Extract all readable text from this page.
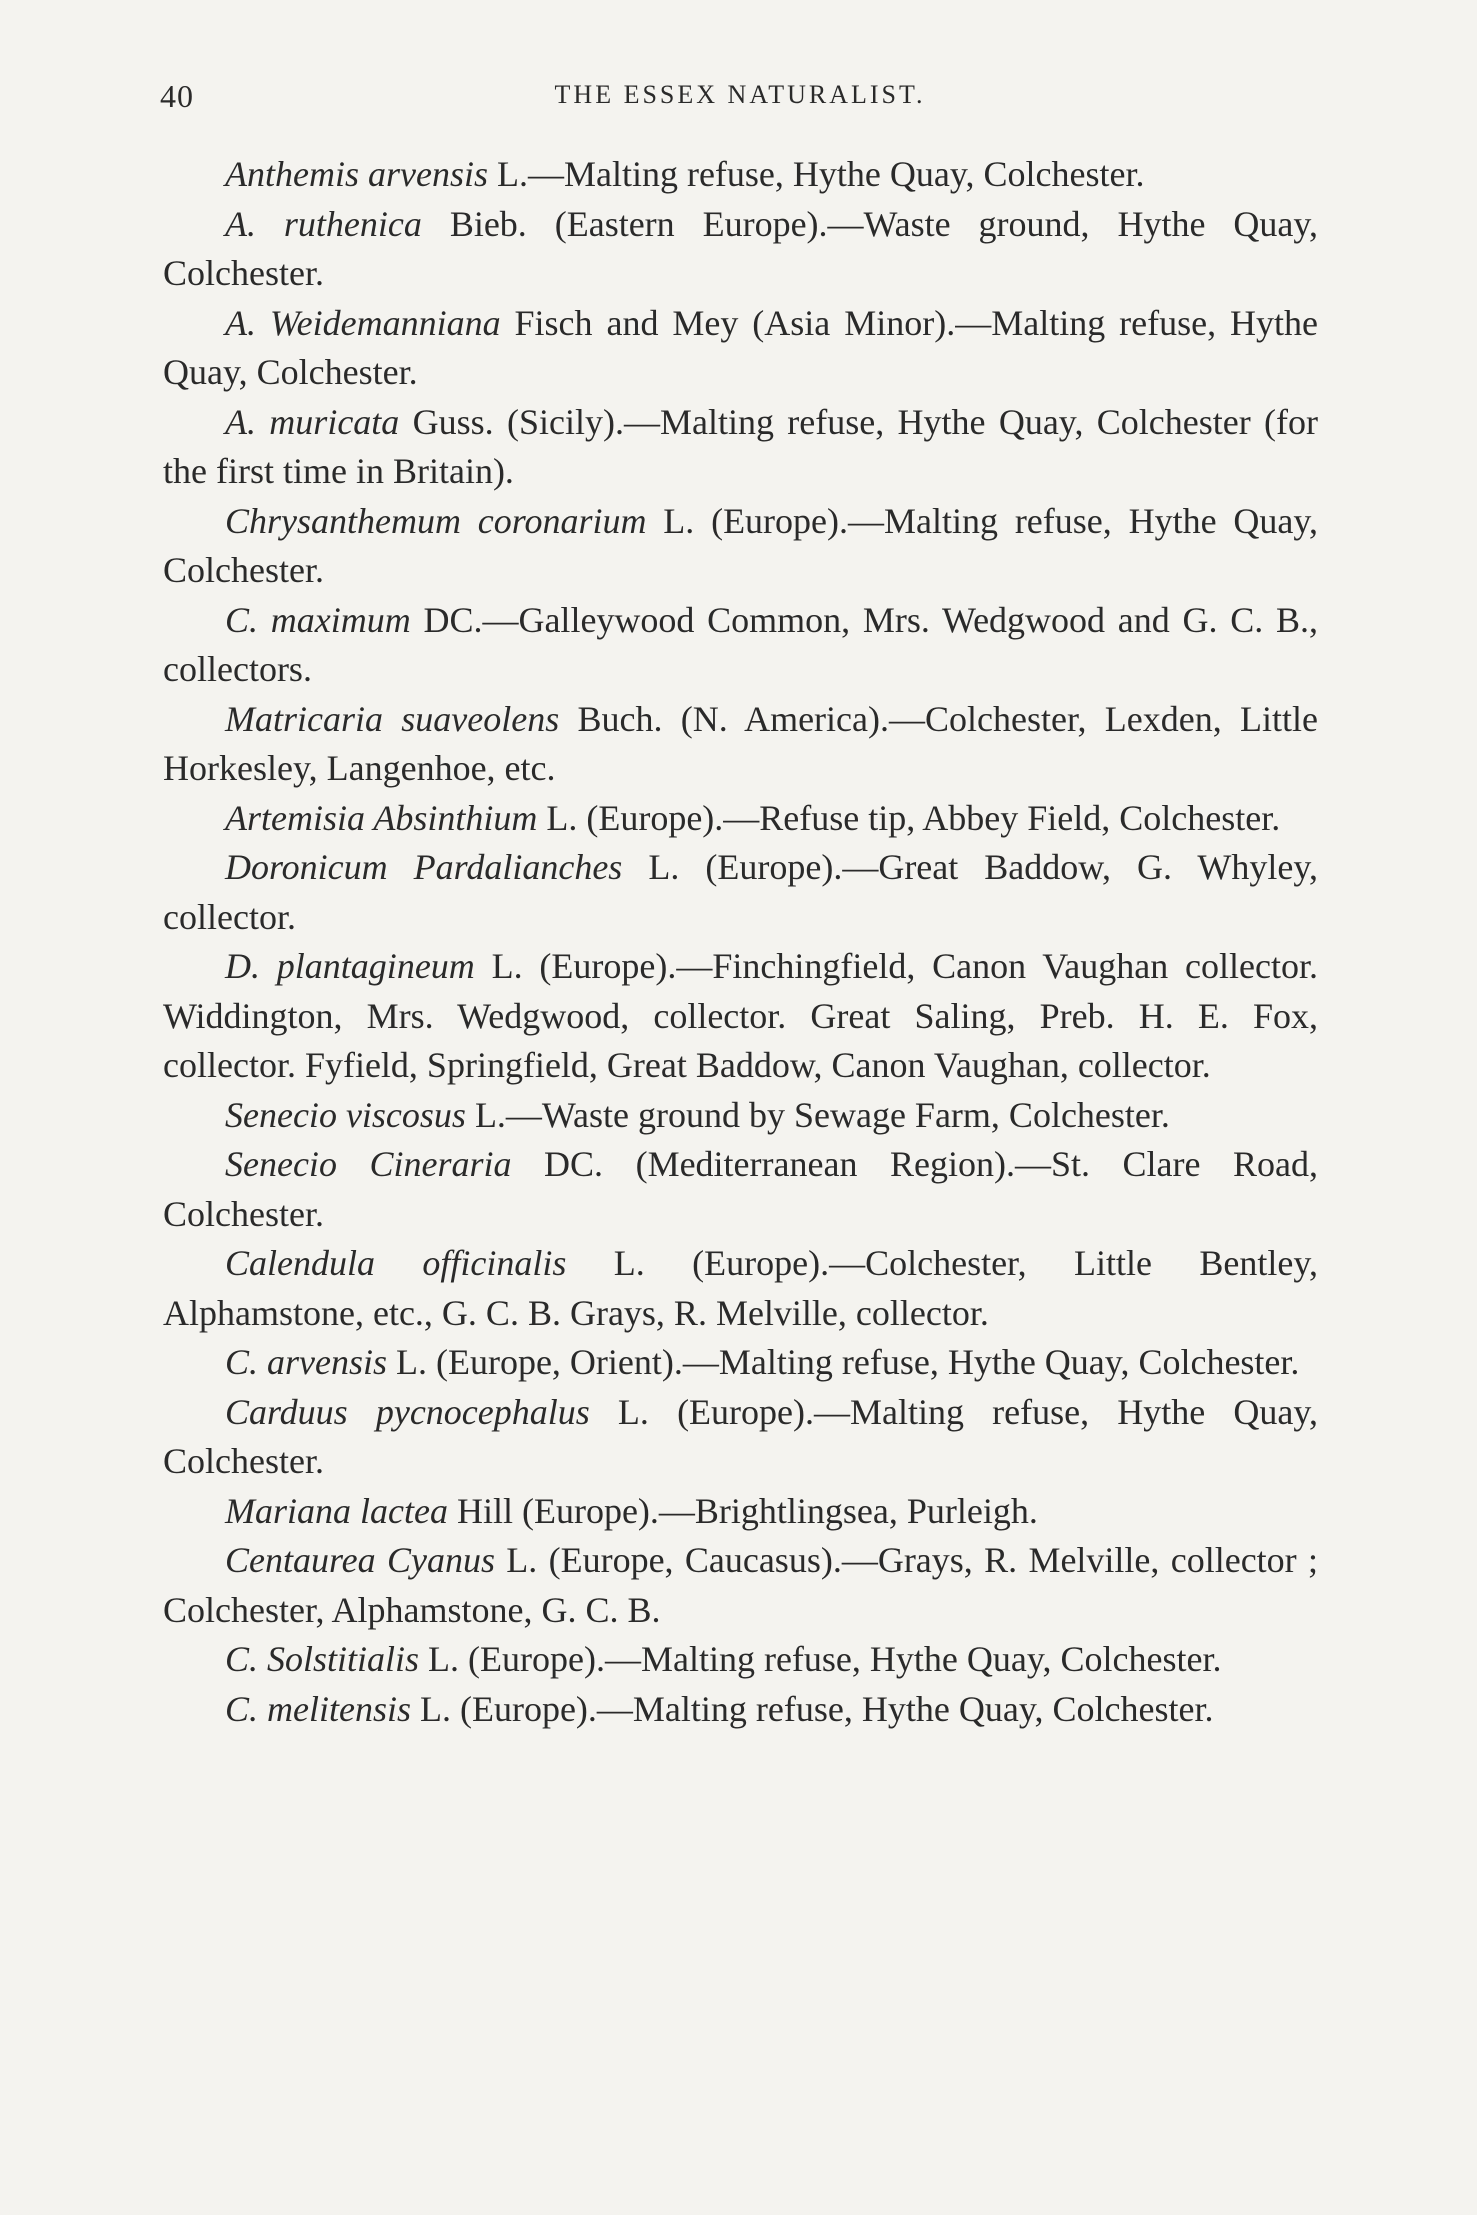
40	THE ESSEX NATURALIST.

Anthemis arvensis L.—Malting refuse, Hythe Quay, Colchester.

A. ruthenica Bieb. (Eastern Europe).—Waste ground, Hythe Quay, Colchester.

A. Weidemanniana Fisch and Mey (Asia Minor).—Malting refuse, Hythe Quay, Colchester.

A. muricata Guss. (Sicily).—Malting refuse, Hythe Quay, Colchester (for the first time in Britain).

Chrysanthemum coronarium L. (Europe).—Malting refuse, Hythe Quay, Colchester.

C. maximum DC.—Galleywood Common, Mrs. Wedgwood and G. C. B., collectors.

Matricaria suaveolens Buch. (N. America).—Colchester, Lexden, Little Horkesley, Langenhoe, etc.

Artemisia Absinthium L. (Europe).—Refuse tip, Abbey Field, Colchester.

Doronicum Pardalianches L. (Europe).—Great Baddow, G. Whyley, collector.

D. plantagineum L. (Europe).—Finchingfield, Canon Vaughan collector. Widdington, Mrs. Wedgwood, collector. Great Saling, Preb. H. E. Fox, collector. Fyfield, Springfield, Great Baddow, Canon Vaughan, collector.

Senecio viscosus L.—Waste ground by Sewage Farm, Colchester.

Senecio Cineraria DC. (Mediterranean Region).—St. Clare Road, Colchester.

Calendula officinalis L. (Europe).—Colchester, Little Bentley, Alphamstone, etc., G. C. B. Grays, R. Melville, collector.

C. arvensis L. (Europe, Orient).—Malting refuse, Hythe Quay, Colchester.

Carduus pycnocephalus L. (Europe).—Malting refuse, Hythe Quay, Colchester.

Mariana lactea Hill (Europe).—Brightlingsea, Purleigh.

Centaurea Cyanus L. (Europe, Caucasus).—Grays, R. Melville, collector ; Colchester, Alphamstone, G. C. B.

C. Solstitialis L. (Europe).—Malting refuse, Hythe Quay, Colchester.

C. melitensis L. (Europe).—Malting refuse, Hythe Quay, Colchester.
